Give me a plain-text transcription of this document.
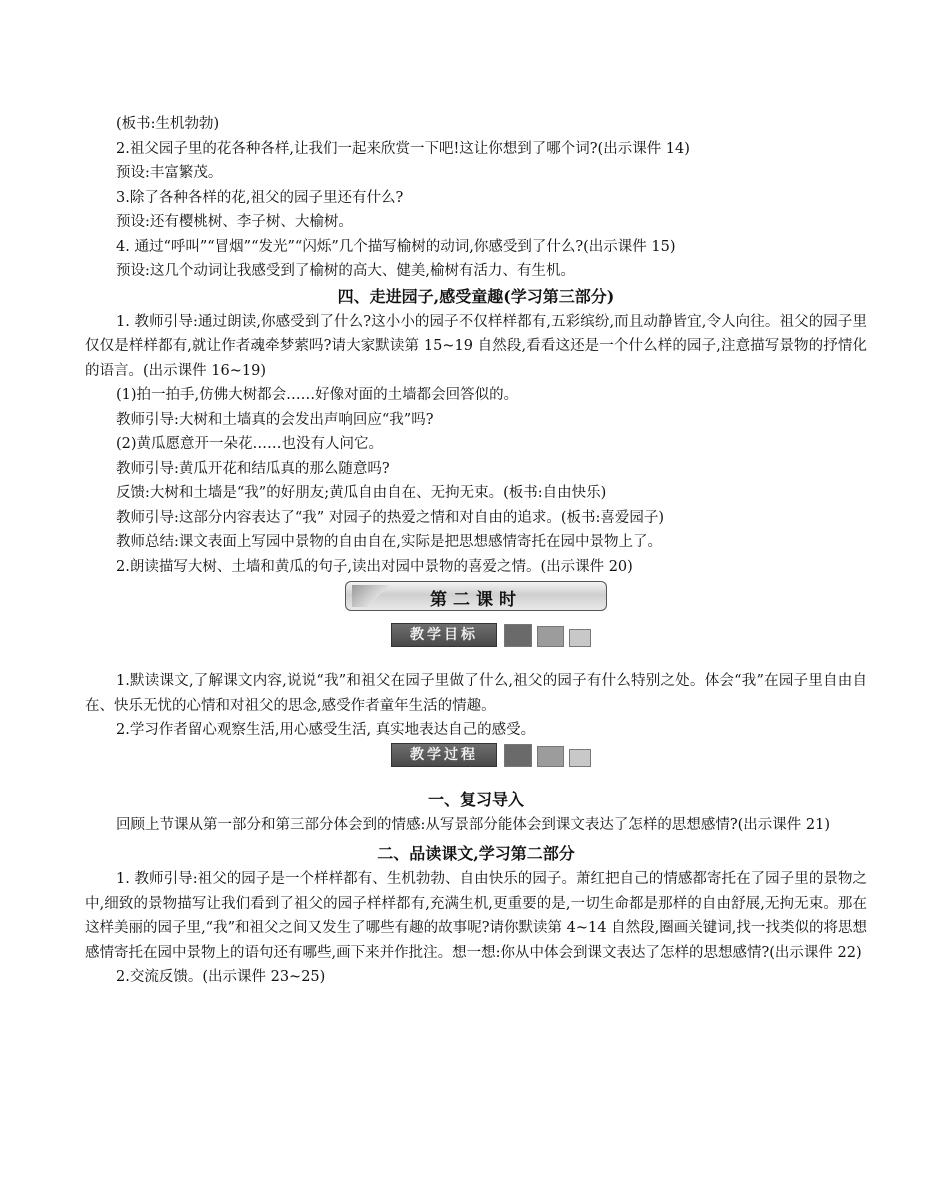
(板书:生机勃勃)

2.祖父园子里的花各种各样,让我们一起来欣赏一下吧!这让你想到了哪个词?(出示课件 14)

预设:丰富繁茂。

3.除了各种各样的花,祖父的园子里还有什么?

预设:还有樱桃树、李子树、大榆树。

4. 通过“呼叫”“冒烟”“发光”“闪烁”几个描写榆树的动词,你感受到了什么?(出示课件 15)

预设:这几个动词让我感受到了榆树的高大、健美,榆树有活力、有生机。

四、走进园子,感受童趣(学习第三部分)

1. 教师引导:通过朗读,你感受到了什么?这小小的园子不仅样样都有,五彩缤纷,而且动静皆宜,令人向往。祖父的园子里仅仅是样样都有,就让作者魂牵梦萦吗?请大家默读第 15~19 自然段,看看这还是一个什么样的园子,注意描写景物的抒情化的语言。(出示课件 16~19)

(1)拍一拍手,仿佛大树都会……好像对面的土墙都会回答似的。

教师引导:大树和土墙真的会发出声响回应“我”吗?

(2)黄瓜愿意开一朵花……也没有人问它。

教师引导:黄瓜开花和结瓜真的那么随意吗?

反馈:大树和土墙是“我”的好朋友;黄瓜自由自在、无拘无束。(板书:自由快乐)

教师引导:这部分内容表达了“我” 对园子的热爱之情和对自由的追求。(板书:喜爱园子)

教师总结:课文表面上写园中景物的自由自在,实际是把思想感情寄托在园中景物上了。

2.朗读描写大树、土墙和黄瓜的句子,读出对园中景物的喜爱之情。(出示课件 20)

第二课时
教学目标

1.默读课文,了解课文内容,说说“我”和祖父在园子里做了什么,祖父的园子有什么特别之处。体会“我”在园子里自由自在、快乐无忧的心情和对祖父的思念,感受作者童年生活的情趣。

2.学习作者留心观察生活,用心感受生活, 真实地表达自己的感受。

教学过程
一、复习导入

回顾上节课从第一部分和第三部分体会到的情感:从写景部分能体会到课文表达了怎样的思想感情?(出示课件 21)

二、品读课文,学习第二部分

1. 教师引导:祖父的园子是一个样样都有、生机勃勃、自由快乐的园子。萧红把自己的情感都寄托在了园子里的景物之中,细致的景物描写让我们看到了祖父的园子样样都有,充满生机,更重要的是,一切生命都是那样的自由舒展,无拘无束。那在这样美丽的园子里,“我”和祖父之间又发生了哪些有趣的故事呢?请你默读第 4~14 自然段,圈画关键词,找一找类似的将思想感情寄托在园中景物上的语句还有哪些,画下来并作批注。想一想:你从中体会到课文表达了怎样的思想感情?(出示课件 22)

2.交流反馈。(出示课件 23~25)
